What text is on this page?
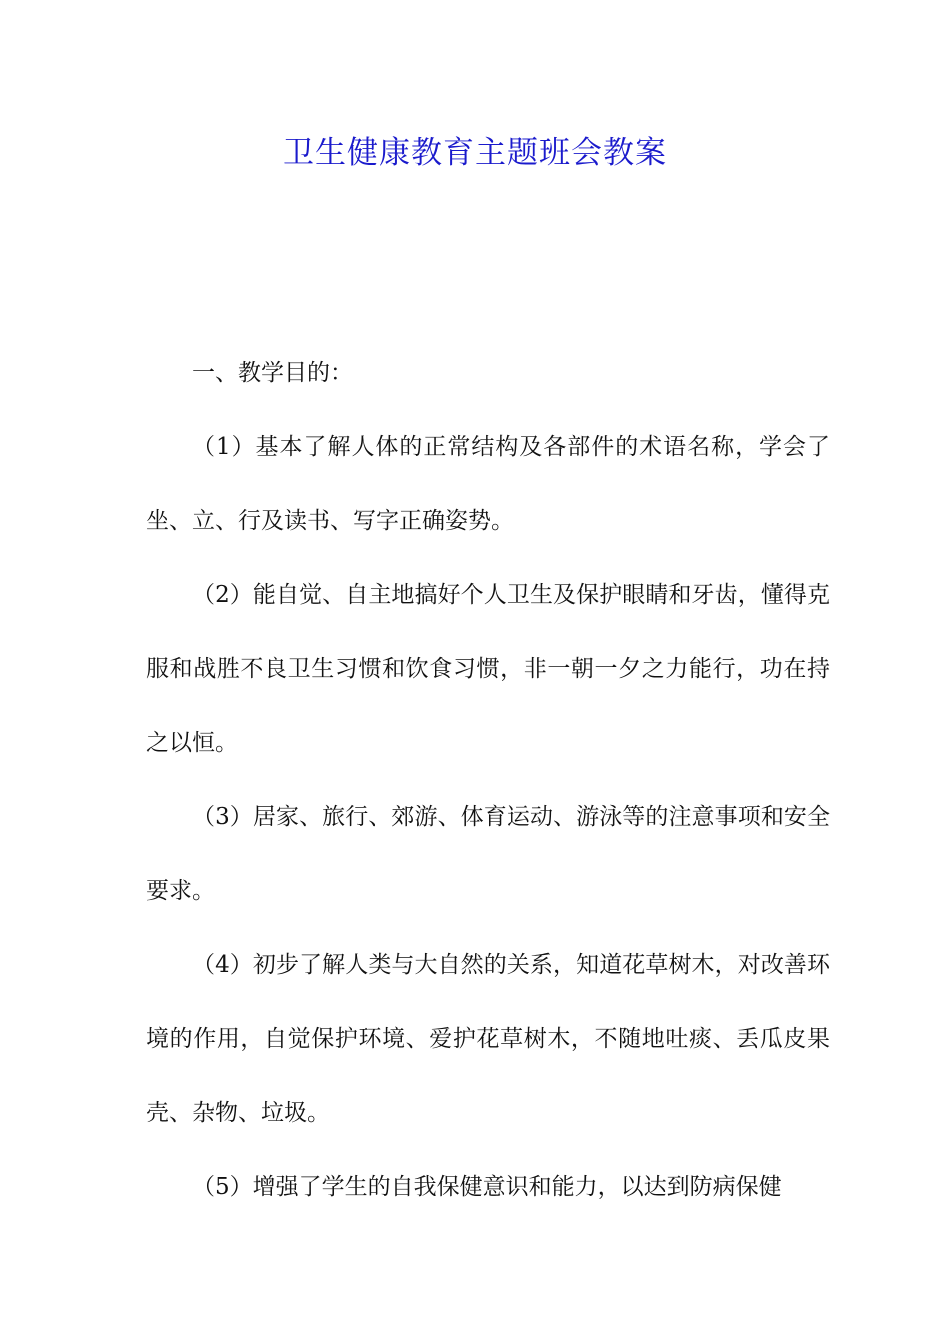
卫生健康教育主题班会教案

一、教学目的：

（1）基本了解人体的正常结构及各部件的术语名称，学会了坐、立、行及读书、写字正确姿势。

（2）能自觉、自主地搞好个人卫生及保护眼睛和牙齿，懂得克服和战胜不良卫生习惯和饮食习惯，非一朝一夕之力能行，功在持之以恒。

（3）居家、旅行、郊游、体育运动、游泳等的注意事项和安全要求。

（4）初步了解人类与大自然的关系，知道花草树木，对改善环境的作用，自觉保护环境、爱护花草树木，不随地吐痰、丢瓜皮果壳、杂物、垃圾。

（5）增强了学生的自我保健意识和能力，以达到防病保健
